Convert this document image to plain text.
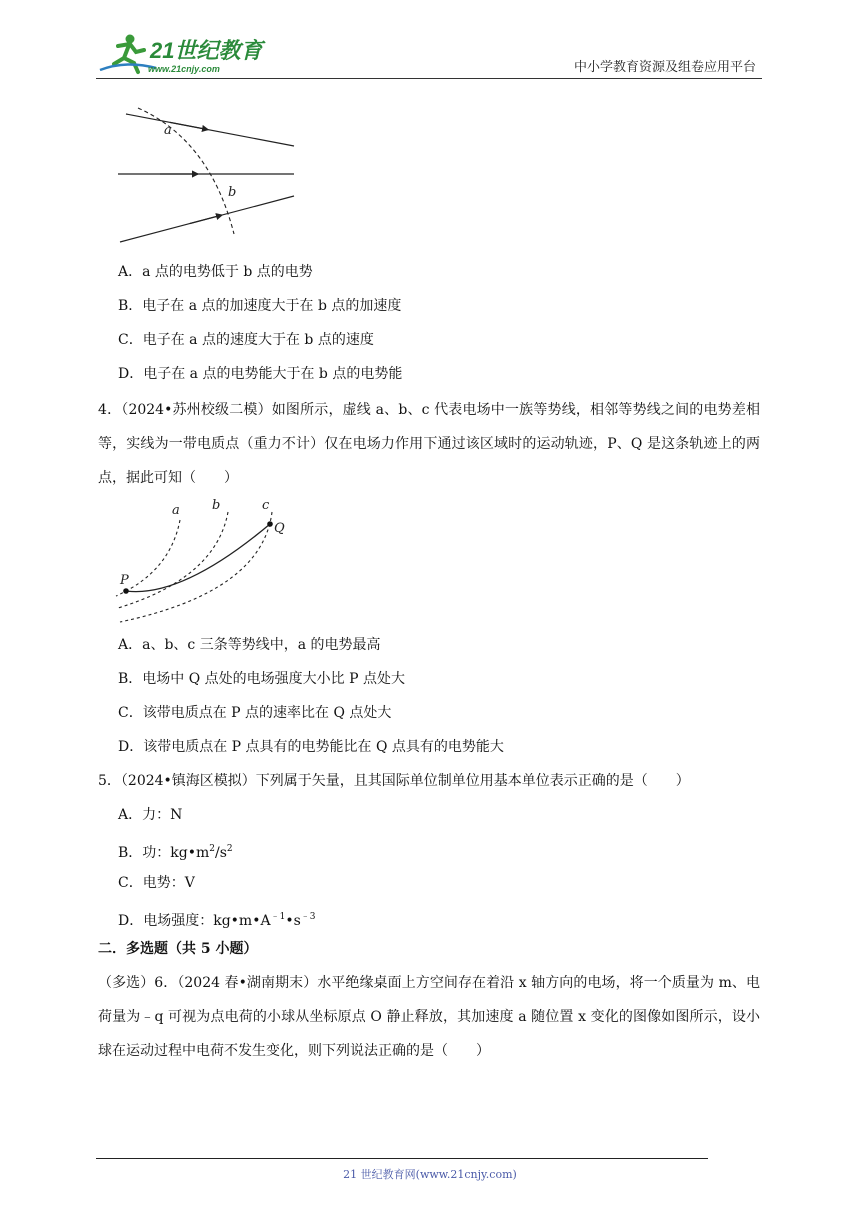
21世纪教育
www.21cnjy.com	中小学教育资源及组卷应用平台
a
b
A．a 点的电势低于 b 点的电势
B．电子在 a 点的加速度大于在 b 点的加速度
C．电子在 a 点的速度大于在 b 点的速度
D．电子在 a 点的电势能大于在 b 点的电势能
4．（2024•苏州校级二模）如图所示，虚线 a、b、c 代表电场中一族等势线，相邻等势线之间的电势差相等，实线为一带电质点（重力不计）仅在电场力作用下通过该区域时的运动轨迹，P、Q 是这条轨迹上的两点，据此可知（　　）
a b	c
P
Q
A．a、b、c 三条等势线中，a 的电势最高
B．电场中 Q 点处的电场强度大小比 P 点处大
C．该带电质点在 P 点的速率比在 Q 点处大
D．该带电质点在 P 点具有的电势能比在 Q 点具有的电势能大
5．（2024•镇海区模拟）下列属于矢量，且其国际单位制单位用基本单位表示正确的是（　　）
A．力：N
B．功：$kg•m^2/s^2$
C．电势：V
D．电场强度：$kg•m•A^{﹣1}•s^{﹣3}$
二．多选题（共 5 小题）
（多选）6．（2024 春•湖南期末）水平绝缘桌面上方空间存在着沿 x 轴方向的电场，将一个质量为 m、电荷量为﹣q 可视为点电荷的小球从坐标原点 O 静止释放，其加速度 a 随位置 x 变化的图像如图所示，设小球在运动过程中电荷不发生变化，则下列说法正确的是（　　）
21 世纪教育网(www.21cnjy.com)
